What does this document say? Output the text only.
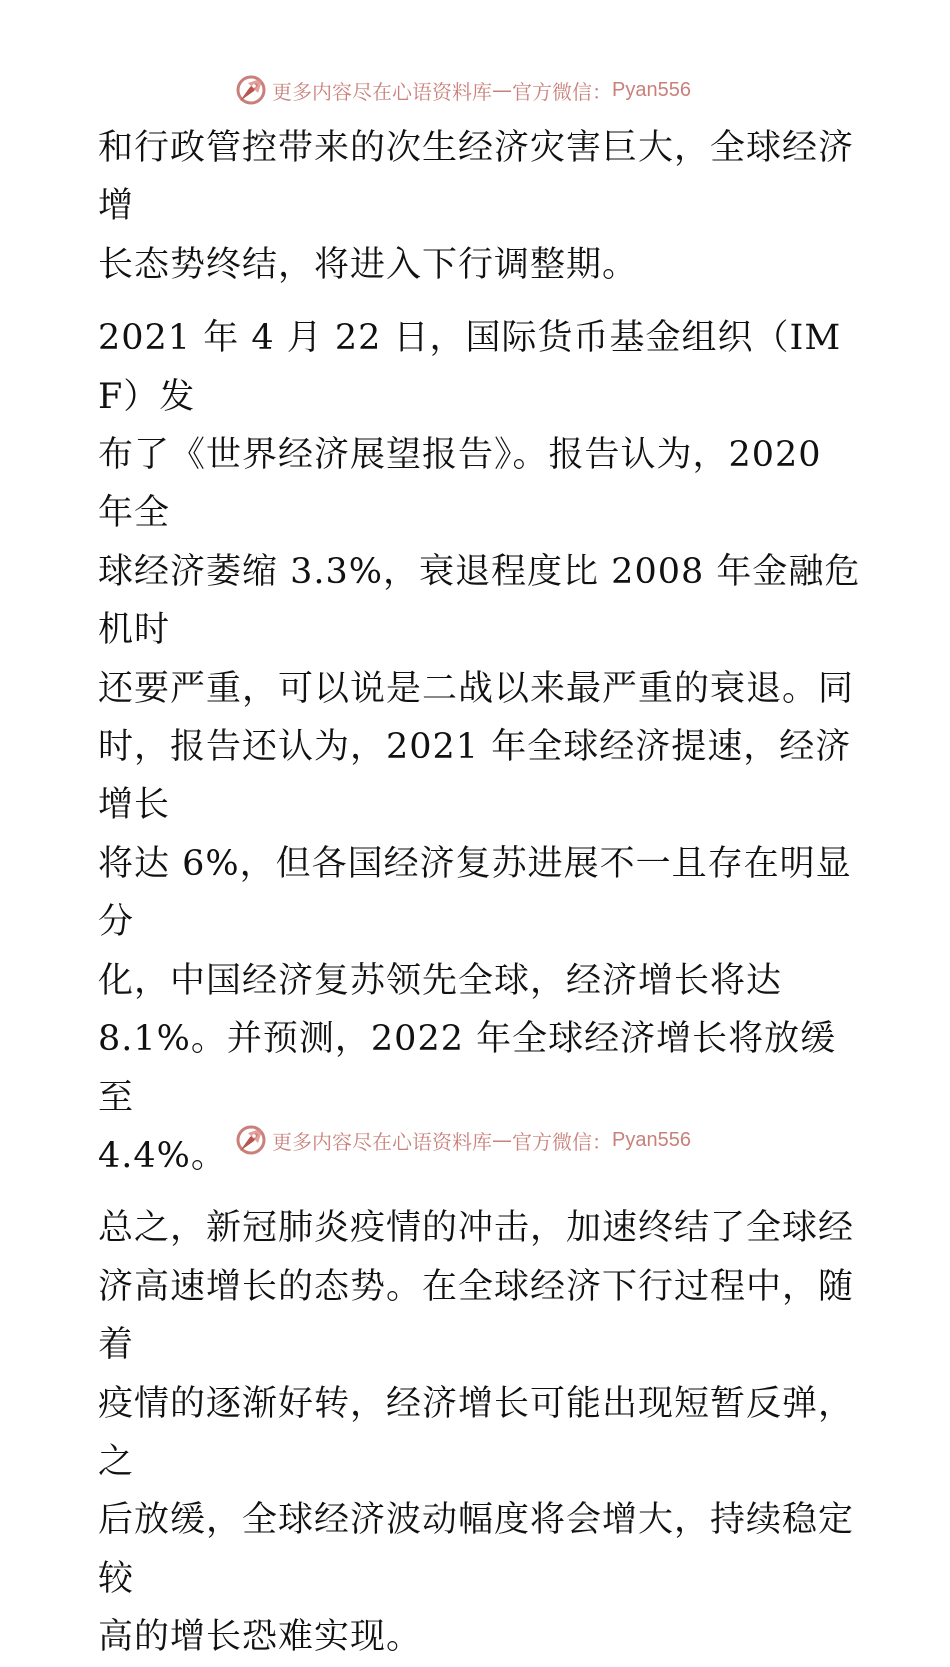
更多内容尽在心语资料库 — 官方微信： Pyan556

和行政管控带来的次生经济灾害巨大，全球经济增
长态势终结，将进入下行调整期。

2021 年 4 月 22 日，国际货币基金组织（IMF）发
布了《世界经济展望报告》。报告认为，2020 年全
球经济萎缩 3.3%，衰退程度比 2008 年金融危机时
还要严重，可以说是二战以来最严重的衰退。同
时，报告还认为，2021 年全球经济提速，经济增长
将达 6%，但各国经济复苏进展不一且存在明显分
化，中国经济复苏领先全球，经济增长将达
8.1%。并预测，2022 年全球经济增长将放缓至
4.4%。

总之，新冠肺炎疫情的冲击，加速终结了全球经
济高速增长的态势。在全球经济下行过程中，随着
疫情的逐渐好转，经济增长可能出现短暂反弹，之
后放缓，全球经济波动幅度将会增大，持续稳定较
高的增长恐难实现。

更多内容尽在心语资料库 — 官方微信： Pyan556
